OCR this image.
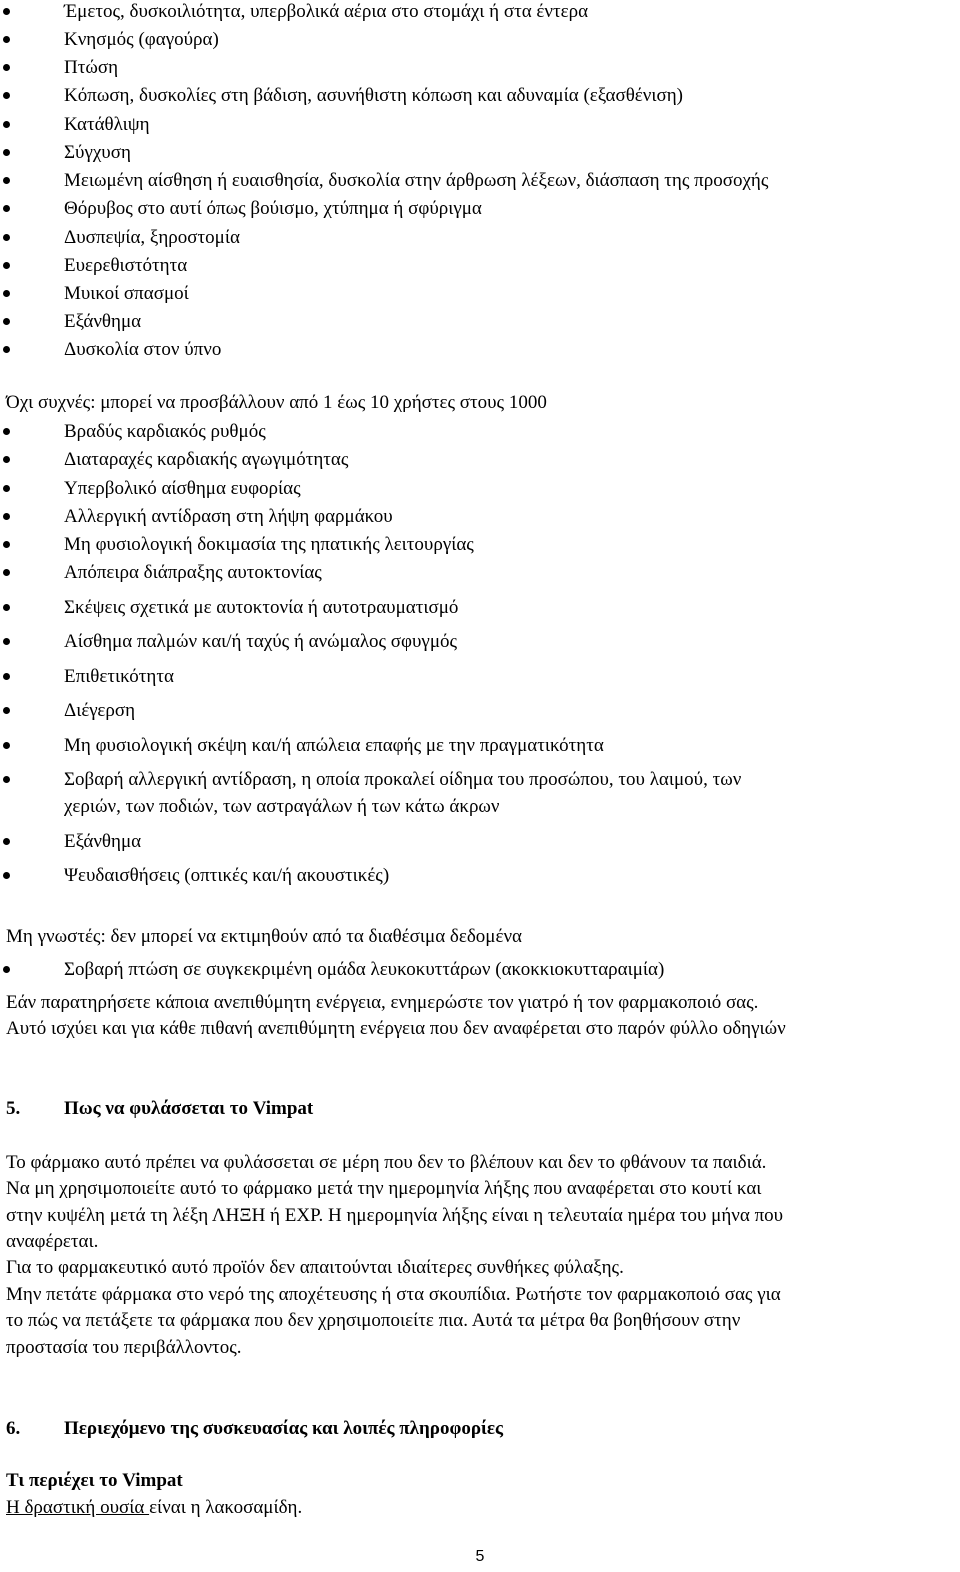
Έμετος, δυσκοιλιότητα, υπερβολικά αέρια στο στομάχι ή στα έντερα
Κνησμός (φαγούρα)
Πτώση
Κόπωση, δυσκολίες στη βάδιση, ασυνήθιστη κόπωση και αδυναμία (εξασθένιση)
Κατάθλιψη
Σύγχυση
Μειωμένη αίσθηση ή ευαισθησία, δυσκολία στην άρθρωση λέξεων, διάσπαση της προσοχής
Θόρυβος στο αυτί όπως βούισμο, χτύπημα ή σφύριγμα
Δυσπεψία, ξηροστομία
Ευερεθιστότητα
Μυικοί σπασμοί
Εξάνθημα
Δυσκολία στον ύπνο
Όχι συχνές: μπορεί να προσβάλλουν από 1 έως 10 χρήστες στους 1000
Βραδύς καρδιακός ρυθμός
Διαταραχές καρδιακής αγωγιμότητας
Υπερβολικό αίσθημα ευφορίας
Αλλεργική αντίδραση στη λήψη φαρμάκου
Μη φυσιολογική δοκιμασία της ηπατικής λειτουργίας
Απόπειρα διάπραξης αυτοκτονίας
Σκέψεις σχετικά με αυτοκτονία ή αυτοτραυματισμό
Αίσθημα παλμών και/ή ταχύς ή ανώμαλος σφυγμός
Επιθετικότητα
Διέγερση
Μη φυσιολογική σκέψη και/ή απώλεια επαφής με την πραγματικότητα
Σοβαρή αλλεργική αντίδραση, η οποία προκαλεί οίδημα του προσώπου, του λαιμού, των
χεριών, των ποδιών, των αστραγάλων ή των κάτω άκρων
Εξάνθημα
Ψευδαισθήσεις (οπτικές και/ή ακουστικές)
Μη γνωστές: δεν μπορεί να εκτιμηθούν από τα διαθέσιμα δεδομένα
Σοβαρή πτώση σε συγκεκριμένη ομάδα λευκοκυττάρων (ακοκκιοκυτταραιμία)
Εάν παρατηρήσετε κάποια ανεπιθύμητη ενέργεια, ενημερώστε τον γιατρό ή τον φαρμακοποιό σας.
Αυτό ισχύει και για κάθε πιθανή ανεπιθύμητη ενέργεια που δεν αναφέρεται στο παρόν φύλλο οδηγιών
5. Πως να φυλάσσεται το Vimpat
Το φάρμακο αυτό πρέπει να φυλάσσεται σε μέρη που δεν το βλέπουν και δεν το φθάνουν τα παιδιά.
Να μη χρησιμοποιείτε αυτό το φάρμακο μετά την ημερομηνία λήξης που αναφέρεται στο κουτί και
στην κυψέλη μετά τη λέξη ΛΗΞΗ ή EXP. Η ημερομηνία λήξης είναι η τελευταία ημέρα του μήνα που
αναφέρεται.
Για το φαρμακευτικό αυτό προϊόν δεν απαιτούνται ιδιαίτερες συνθήκες φύλαξης.
Μην πετάτε φάρμακα στο νερό της αποχέτευσης ή στα σκουπίδια. Ρωτήστε τον φαρμακοποιό σας για
το πώς να πετάξετε τα φάρμακα που δεν χρησιμοποιείτε πια. Αυτά τα μέτρα θα βοηθήσουν στην
προστασία του περιβάλλοντος.
6. Περιεχόμενο της συσκευασίας και λοιπές πληροφορίες
Τι περιέχει το Vimpat
Η δραστική ουσία είναι η λακοσαμίδη.
5
